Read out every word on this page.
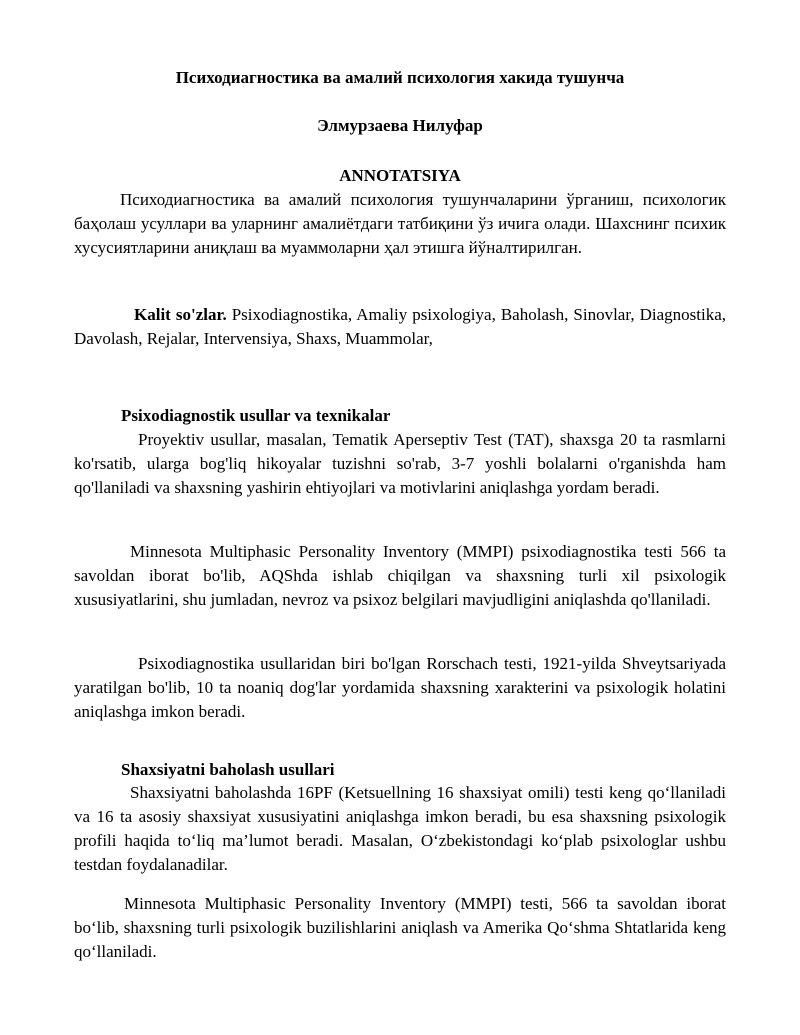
Психодиагностика ва амалий психология хакида тушунча
Элмурзаева Нилуфар
ANNOTATSIYA
Психодиагностика ва амалий психология тушунчаларини ўрганиш, психологик баҳолаш усуллари ва уларнинг амалиётдаги татбиқини ўз ичига олади. Шахснинг психик хусусиятларини аниқлаш ва муаммоларни ҳал этишга йўналтирилган.
Kalit so'zlar. Psixodiagnostika, Amaliy psixologiya, Baholash, Sinovlar, Diagnostika, Davolash, Rejalar, Intervensiya, Shaxs, Muammolar,
Psixodiagnostik usullar va texnikalar
Proyektiv usullar, masalan, Tematik Aperseptiv Test (TAT), shaxsga 20 ta rasmlarni ko'rsatib, ularga bog'liq hikoyalar tuzishni so'rab, 3-7 yoshli bolalarni o'rganishda ham qo'llaniladi va shaxsning yashirin ehtiyojlari va motivlarini aniqlashga yordam beradi.
Minnesota Multiphasic Personality Inventory (MMPI) psixodiagnostika testi 566 ta savoldan iborat bo'lib, AQShda ishlab chiqilgan va shaxsning turli xil psixologik xususiyatlarini, shu jumladan, nevroz va psixoz belgilari mavjudligini aniqlashda qo'llaniladi.
Psixodiagnostika usullaridan biri bo'lgan Rorschach testi, 1921-yilda Shveytsariyada yaratilgan bo'lib, 10 ta noaniq dog'lar yordamida shaxsning xarakterini va psixologik holatini aniqlashga imkon beradi.
Shaxsiyatni baholash usullari
Shaxsiyatni baholashda 16PF (Ketsuellning 16 shaxsiyat omili) testi keng qo‘llaniladi va 16 ta asosiy shaxsiyat xususiyatini aniqlashga imkon beradi, bu esa shaxsning psixologik profili haqida to‘liq ma’lumot beradi. Masalan, O‘zbekistondagi ko‘plab psixologlar ushbu testdan foydalanadilar.
Minnesota Multiphasic Personality Inventory (MMPI) testi, 566 ta savoldan iborat bo‘lib, shaxsning turli psixologik buzilishlarini aniqlash va Amerika Qo‘shma Shtatlarida keng qo‘llaniladi.
